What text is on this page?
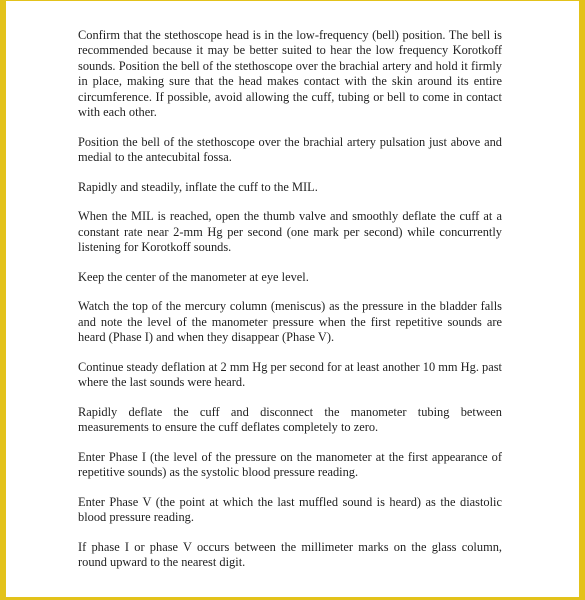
Confirm that the stethoscope head is in the low-frequency (bell) position. The bell is recommended because it may be better suited to hear the low frequency Korotkoff sounds. Position the bell of the stethoscope over the brachial artery and hold it firmly in place, making sure that the head makes contact with the skin around its entire circumference. If possible, avoid allowing the cuff, tubing or bell to come in contact with each other.

Position the bell of the stethoscope over the brachial artery pulsation just above and medial to the antecubital fossa.

Rapidly and steadily, inflate the cuff to the MIL.

When the MIL is reached, open the thumb valve and smoothly deflate the cuff at a constant rate near 2-mm Hg per second (one mark per second) while concurrently listening for Korotkoff sounds.

Keep the center of the manometer at eye level.

Watch the top of the mercury column (meniscus) as the pressure in the bladder falls and note the level of the manometer pressure when the first repetitive sounds are heard (Phase I) and when they disappear (Phase V).

Continue steady deflation at 2 mm Hg per second for at least another 10 mm Hg. past where the last sounds were heard.

Rapidly deflate the cuff and disconnect the manometer tubing between measurements to ensure the cuff deflates completely to zero.

Enter Phase I (the level of the pressure on the manometer at the first appearance of repetitive sounds) as the systolic blood pressure reading.

Enter Phase V (the point at which the last muffled sound is heard) as the diastolic blood pressure reading.

If phase I or phase V occurs between the millimeter marks on the glass column, round upward to the nearest digit.
